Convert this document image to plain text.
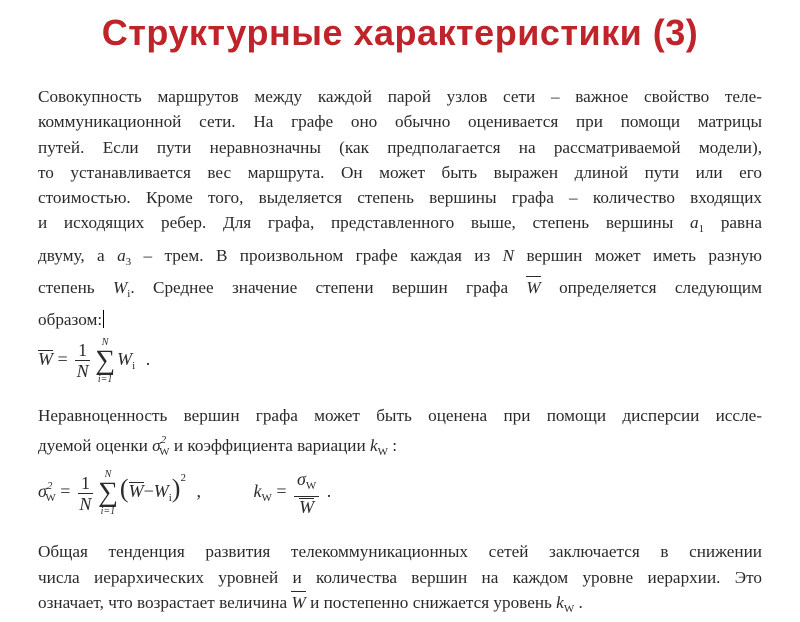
Структурные характеристики (3)
Совокупность маршрутов между каждой парой узлов сети – важное свойство теле-
коммуникационной сети. На графе оно обычно оценивается при помощи матрицы
путей. Если пути неравнозначны (как предполагается на рассматриваемой модели),
то устанавливается вес маршрута. Он может быть выражен длиной пути или его
стоимостью. Кроме того, выделяется степень вершины графа – количество входящих
и исходящих ребер. Для графа, представленного выше, степень вершины $a_1$ равна
двуму, а $a_3$ – трем. В произвольном графе каждая из N вершин может иметь разную
степень $W_i$. Среднее значение степени вершин графа W определяется следующим
образом:
$W = \frac{1}{N}$ N
∑
i=1
$W_i$ .
Неравноценность вершин графа может быть оценена при помощи дисперсии иссле-
дуемой оценки $\sigma^2_W$ и коэффициента вариации $k_W$ :
$\sigma^2_W = \frac{1}{N}$ N
∑
i=1
$(W-W_i)^2$ ,	$k_W = \frac{\sigma_W}{W}$ .
Общая тенденция развития телекоммуникационных сетей заключается в снижении
числа иерархических уровней и количества вершин на каждом уровне иерархии. Это
означает, что возрастает величина W и постепенно снижается уровень $k_W$ .
